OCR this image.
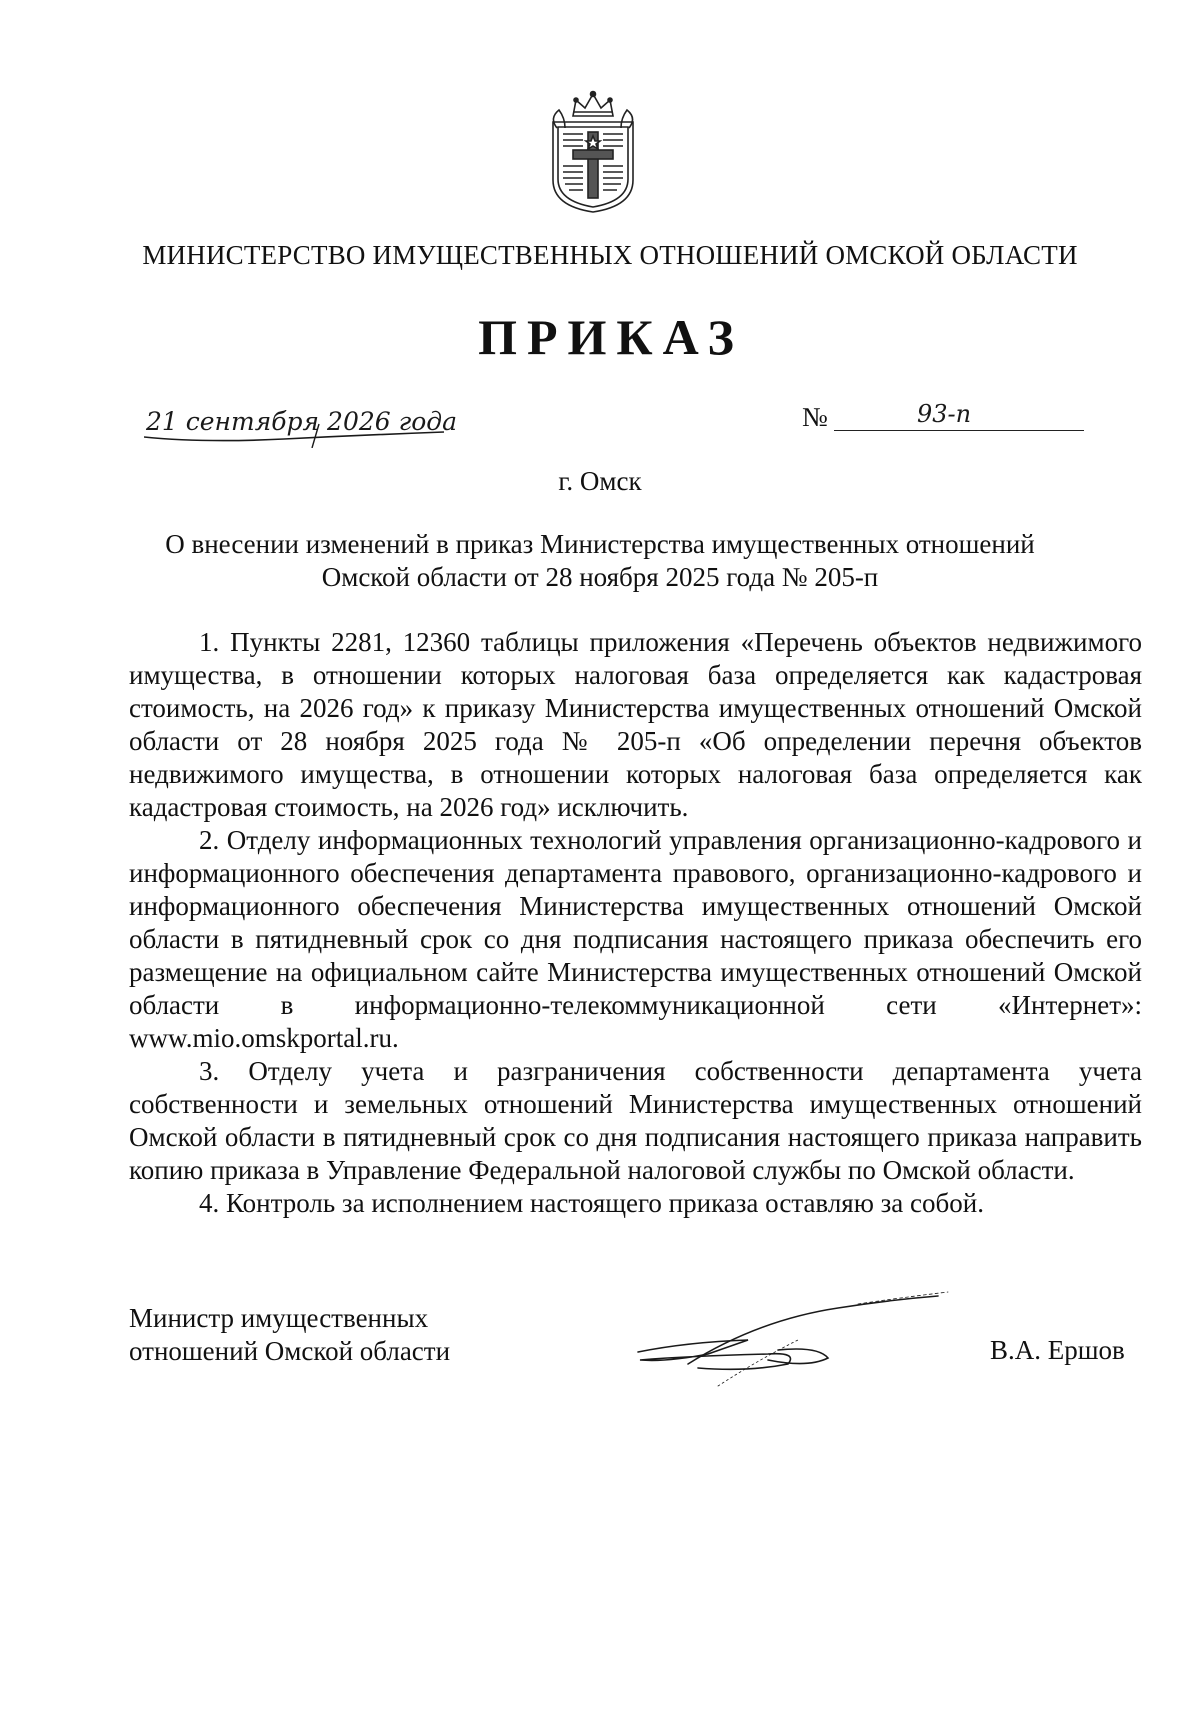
МИНИСТЕРСТВО ИМУЩЕСТВЕННЫХ ОТНОШЕНИЙ ОМСКОЙ ОБЛАСТИ
ПРИКАЗ
21 сентября 2026 года	№	93-п
г. Омск
О внесении изменений в приказ Министерства имущественных отношений
Омской области от 28 ноября 2025 года № 205-п

1. Пункты 2281, 12360 таблицы приложения «Перечень объектов недвижимого имущества, в отношении которых налоговая база определяется как кадастровая стоимость, на 2026 год» к приказу Министерства имущественных отношений Омской области от 28 ноября 2025 года № 205-п «Об определении перечня объектов недвижимого имущества, в отношении которых налоговая база определяется как кадастровая стоимость, на 2026 год» исключить.

2. Отделу информационных технологий управления организационно-кадрового и информационного обеспечения департамента правового, организационно-кадрового и информационного обеспечения Министерства имущественных отношений Омской области в пятидневный срок со дня подписания настоящего приказа обеспечить его размещение на официальном сайте Министерства имущественных отношений Омской области в информационно-телекоммуникационной сети «Интернет»: www.mio.omskportal.ru.

3. Отделу учета и разграничения собственности департамента учета собственности и земельных отношений Министерства имущественных отношений Омской области в пятидневный срок со дня подписания настоящего приказа направить копию приказа в Управление Федеральной налоговой службы по Омской области.

4. Контроль за исполнением настоящего приказа оставляю за собой.

Министр имущественных
отношений Омской области	В.А. Ершов
